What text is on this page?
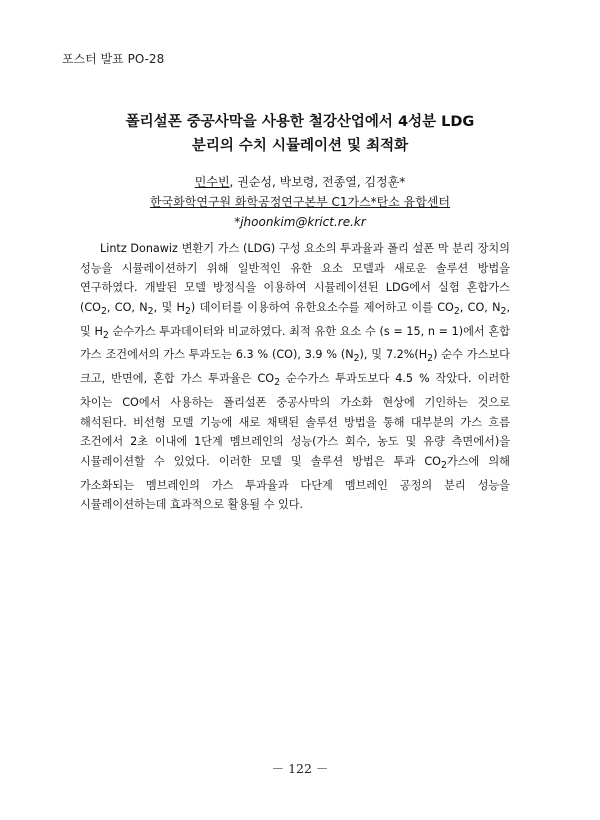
포스터 발표 PO-28
폴리설폰 중공사막을 사용한 철강산업에서 4성분 LDG
분리의 수치 시뮬레이션 및 최적화
민수빈, 권순성, 박보령, 전종열, 김정훈*
한국화학연구원 화학공정연구본부 C1가스*탄소 융합센터
*jhoonkim@krict.re.kr

Lintz Donawiz 변환기 가스 (LDG) 구성 요소의 투과율과 폴리 설폰 막 분리 장치의 성능을 시뮬레이션하기 위해 일반적인 유한 요소 모델과 새로운 솔루션 방법을 연구하였다. 개발된 모델 방정식을 이용하여 시뮬레이션된 LDG에서 실험 혼합가스($CO_2$, CO, $N_2$, 및 $H_2$) 데이터를 이용하여 유한요소수를 제어하고 이를 $CO_2$, CO, $N_2$, 및 $H_2$ 순수가스 투과데이터와 비교하였다. 최적 유한 요소 수 (s = 15, n = 1)에서 혼합 가스 조건에서의 가스 투과도는 6.3 % (CO), 3.9 % $(N_2)$, 및 $7.2\%(H_2)$ 순수 가스보다 크고, 반면에, 혼합 가스 투과율은 $CO_2$ 순수가스 투과도보다 4.5 % 작았다. 이러한 차이는 CO에서 사용하는 폴리설폰 중공사막의 가소화 현상에 기인하는 것으로 해석된다. 비선형 모델 기능에 새로 채택된 솔루션 방법을 통해 대부분의 가스 흐름 조건에서 2초 이내에 1단계 멤브레인의 성능(가스 회수, 농도 및 유량 측면에서)을 시뮬레이션할 수 있었다. 이러한 모델 및 솔루션 방법은 투과 $CO_2$가스에 의해 가소화되는 멤브레인의 가스 투과율과 다단계 멤브레인 공정의 분리 성능을 시뮬레이션하는데 효과적으로 활용될 수 있다.

－ 122 －
